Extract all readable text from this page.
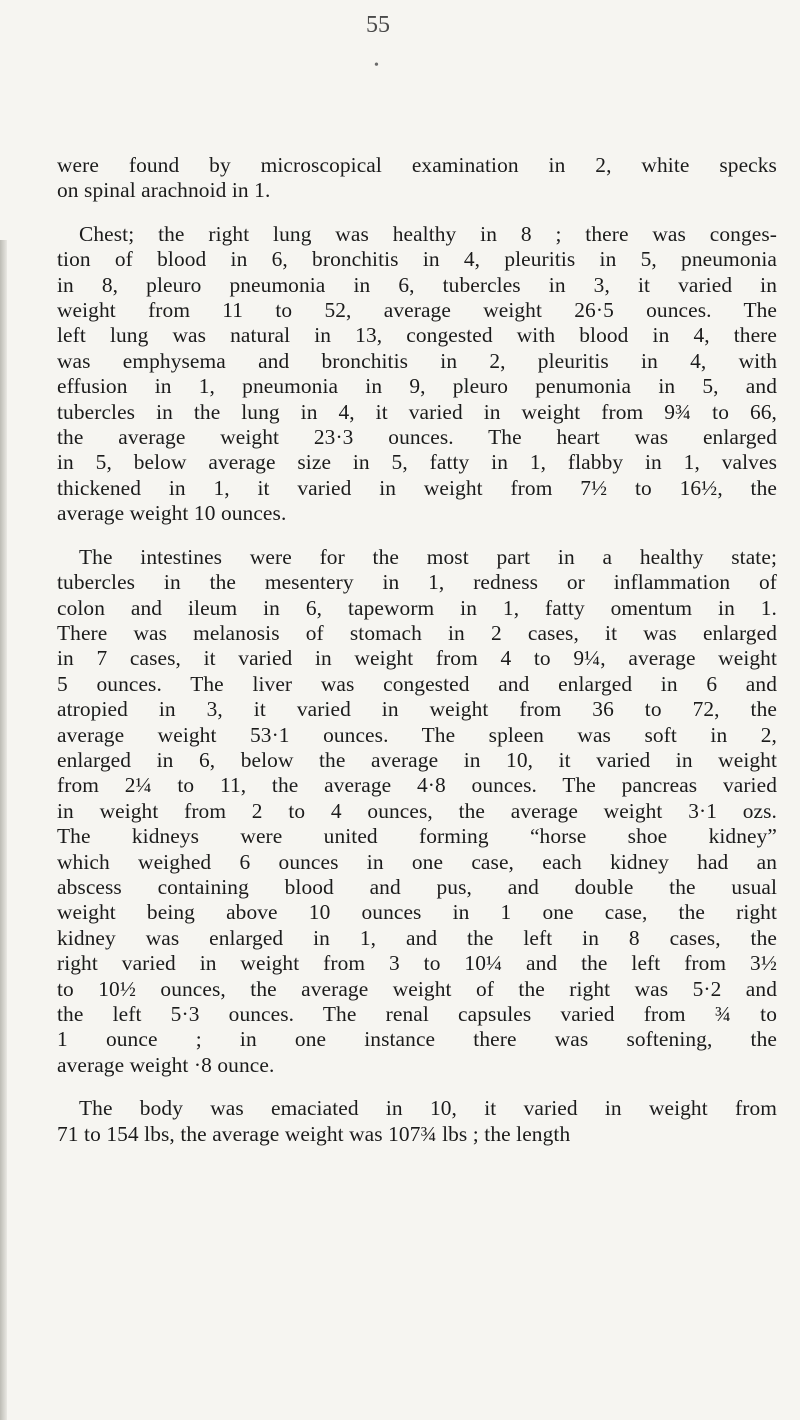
55
•
were found by microscopical examination in 2, white specks
on spinal arachnoid in 1.
Chest; the right lung was healthy in 8 ; there was conges-
tion of blood in 6, bronchitis in 4, pleuritis in 5, pneumonia
in 8, pleuro pneumonia in 6, tubercles in 3, it varied in
weight from 11 to 52, average weight 26·5 ounces. The
left lung was natural in 13, congested with blood in 4, there
was emphysema and bronchitis in 2, pleuritis in 4, with
effusion in 1, pneumonia in 9, pleuro penumonia in 5, and
tubercles in the lung in 4, it varied in weight from 9¾ to 66,
the average weight 23·3 ounces. The heart was enlarged
in 5, below average size in 5, fatty in 1, flabby in 1, valves
thickened in 1, it varied in weight from 7½ to 16½, the
average weight 10 ounces.
The intestines were for the most part in a healthy state;
tubercles in the mesentery in 1, redness or inflammation of
colon and ileum in 6, tapeworm in 1, fatty omentum in 1.
There was melanosis of stomach in 2 cases, it was enlarged
in 7 cases, it varied in weight from 4 to 9¼, average weight
5 ounces. The liver was congested and enlarged in 6 and
atropied in 3, it varied in weight from 36 to 72, the
average weight 53·1 ounces. The spleen was soft in 2,
enlarged in 6, below the average in 10, it varied in weight
from 2¼ to 11, the average 4·8 ounces. The pancreas varied
in weight from 2 to 4 ounces, the average weight 3·1 ozs.
The kidneys were united forming “horse shoe kidney”
which weighed 6 ounces in one case, each kidney had an
abscess containing blood and pus, and double the usual
weight being above 10 ounces in 1 one case, the right
kidney was enlarged in 1, and the left in 8 cases, the
right varied in weight from 3 to 10¼ and the left from 3½
to 10½ ounces, the average weight of the right was 5·2 and
the left 5·3 ounces. The renal capsules varied from ¾ to
1 ounce ; in one instance there was softening, the
average weight ·8 ounce.
The body was emaciated in 10, it varied in weight from
71 to 154 lbs, the average weight was 107¾ lbs ; the length
